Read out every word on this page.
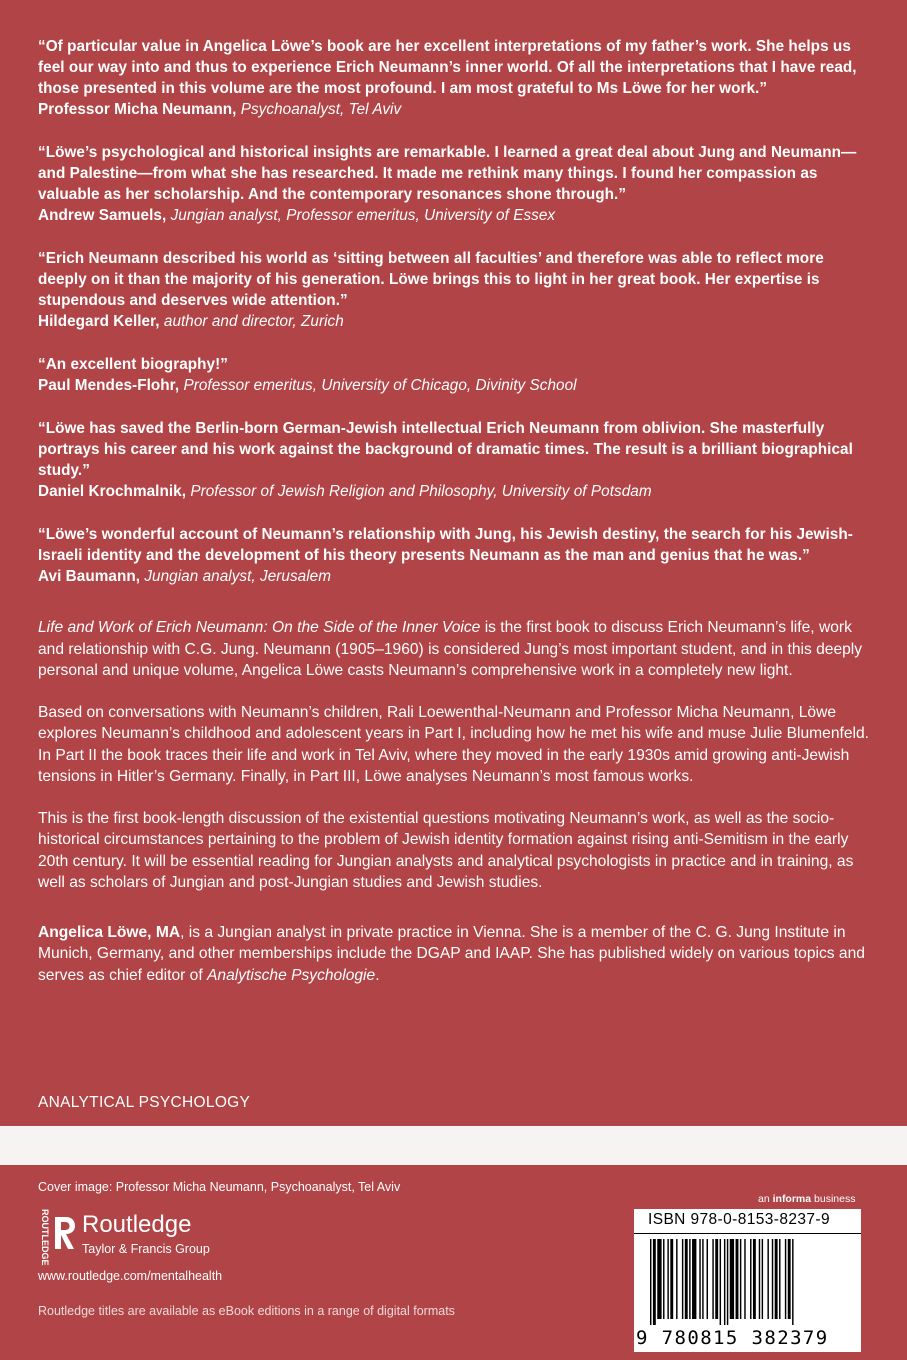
“Of particular value in Angelica Löwe’s book are her excellent interpretations of my father’s work. She helps us feel our way into and thus to experience Erich Neumann’s inner world. Of all the interpretations that I have read, those presented in this volume are the most profound. I am most grateful to Ms Löwe for her work.”
Professor Micha Neumann, Psychoanalyst, Tel Aviv

“Löwe’s psychological and historical insights are remarkable. I learned a great deal about Jung and Neumann—and Palestine—from what she has researched. It made me rethink many things. I found her compassion as valuable as her scholarship. And the contemporary resonances shone through.”
Andrew Samuels, Jungian analyst, Professor emeritus, University of Essex

“Erich Neumann described his world as ‘sitting between all faculties’ and therefore was able to reflect more deeply on it than the majority of his generation. Löwe brings this to light in her great book. Her expertise is stupendous and deserves wide attention.”
Hildegard Keller, author and director, Zurich

“An excellent biography!”
Paul Mendes-Flohr, Professor emeritus, University of Chicago, Divinity School

“Löwe has saved the Berlin-born German-Jewish intellectual Erich Neumann from oblivion. She masterfully portrays his career and his work against the background of dramatic times. The result is a brilliant biographical study.”
Daniel Krochmalnik, Professor of Jewish Religion and Philosophy, University of Potsdam

“Löwe’s wonderful account of Neumann’s relationship with Jung, his Jewish destiny, the search for his Jewish-Israeli identity and the development of his theory presents Neumann as the man and genius that he was.”
Avi Baumann, Jungian analyst, Jerusalem

Life and Work of Erich Neumann: On the Side of the Inner Voice is the first book to discuss Erich Neumann’s life, work and relationship with C.G. Jung. Neumann (1905–1960) is considered Jung’s most important student, and in this deeply personal and unique volume, Angelica Löwe casts Neumann’s comprehensive work in a completely new light.

Based on conversations with Neumann’s children, Rali Loewenthal-Neumann and Professor Micha Neumann, Löwe explores Neumann’s childhood and adolescent years in Part I, including how he met his wife and muse Julie Blumenfeld. In Part II the book traces their life and work in Tel Aviv, where they moved in the early 1930s amid growing anti-Jewish tensions in Hitler’s Germany. Finally, in Part III, Löwe analyses Neumann’s most famous works.

This is the first book-length discussion of the existential questions motivating Neumann’s work, as well as the socio-historical circumstances pertaining to the problem of Jewish identity formation against rising anti-Semitism in the early 20th century. It will be essential reading for Jungian analysts and analytical psychologists in practice and in training, as well as scholars of Jungian and post-Jungian studies and Jewish studies.

Angelica Löwe, MA, is a Jungian analyst in private practice in Vienna. She is a member of the C. G. Jung Institute in Munich, Germany, and other memberships include the DGAP and IAAP. She has published widely on various topics and serves as chief editor of Analytische Psychologie.

ANALYTICAL PSYCHOLOGY
Cover image: Professor Micha Neumann, Psychoanalyst, Tel Aviv
ROUTLEDGE Routledge
Taylor & Francis Group
www.routledge.com/mentalhealth
Routledge titles are available as eBook editions in a range of digital formats
an informa business
ISBN 978-0-8153-8237-9
9 780815 382379
